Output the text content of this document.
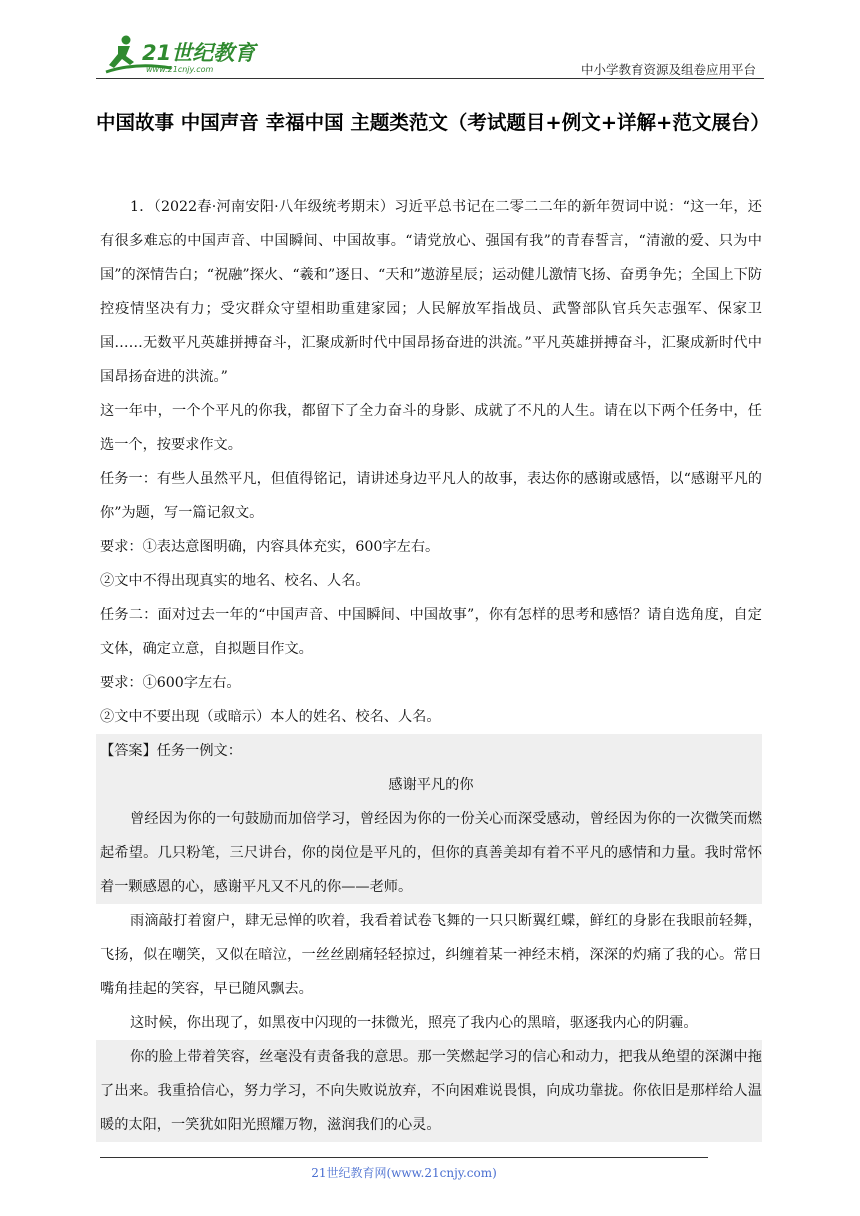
21世纪教育
www.21cnjy.com	中小学教育资源及组卷应用平台
中国故事 中国声音 幸福中国 主题类范文（考试题目+例文+详解+范文展台）

1．（2022春·河南安阳·八年级统考期末）习近平总书记在二零二二年的新年贺词中说：“这一年，还有很多难忘的中国声音、中国瞬间、中国故事。“请党放心、强国有我”的青春誓言，“清澈的爱、只为中国”的深情告白；“祝融”探火、“羲和”逐日、“天和”遨游星辰；运动健儿激情飞扬、奋勇争先；全国上下防控疫情坚决有力；受灾群众守望相助重建家园；人民解放军指战员、武警部队官兵矢志强军、保家卫国……无数平凡英雄拼搏奋斗，汇聚成新时代中国昂扬奋进的洪流。”平凡英雄拼搏奋斗，汇聚成新时代中国昂扬奋进的洪流。”

这一年中，一个个平凡的你我，都留下了全力奋斗的身影、成就了不凡的人生。请在以下两个任务中，任选一个，按要求作文。

任务一：有些人虽然平凡，但值得铭记，请讲述身边平凡人的故事，表达你的感谢或感悟，以“感谢平凡的你”为题，写一篇记叙文。

要求：①表达意图明确，内容具体充实，600字左右。

②文中不得出现真实的地名、校名、人名。

任务二：面对过去一年的“中国声音、中国瞬间、中国故事”，你有怎样的思考和感悟？请自选角度，自定文体，确定立意，自拟题目作文。

要求：①600字左右。

②文中不要出现（或暗示）本人的姓名、校名、人名。

【答案】任务一例文：

感谢平凡的你

曾经因为你的一句鼓励而加倍学习，曾经因为你的一份关心而深受感动，曾经因为你的一次微笑而燃起希望。几只粉笔，三尺讲台，你的岗位是平凡的，但你的真善美却有着不平凡的感情和力量。我时常怀着一颗感恩的心，感谢平凡又不凡的你——老师。

雨滴敲打着窗户，肆无忌惮的吹着，我看着试卷飞舞的一只只断翼红蝶，鲜红的身影在我眼前轻舞，飞扬，似在嘲笑，又似在暗泣，一丝丝剧痛轻轻掠过，纠缠着某一神经末梢，深深的灼痛了我的心。常日嘴角挂起的笑容，早已随风飘去。

这时候，你出现了，如黑夜中闪现的一抹微光，照亮了我内心的黑暗，驱逐我内心的阴霾。

你的脸上带着笑容，丝毫没有责备我的意思。那一笑燃起学习的信心和动力，把我从绝望的深渊中拖了出来。我重拾信心，努力学习，不向失败说放弃，不向困难说畏惧，向成功靠拢。你依旧是那样给人温暖的太阳，一笑犹如阳光照耀万物，滋润我们的心灵。

21世纪教育网(www.21cnjy.com)
